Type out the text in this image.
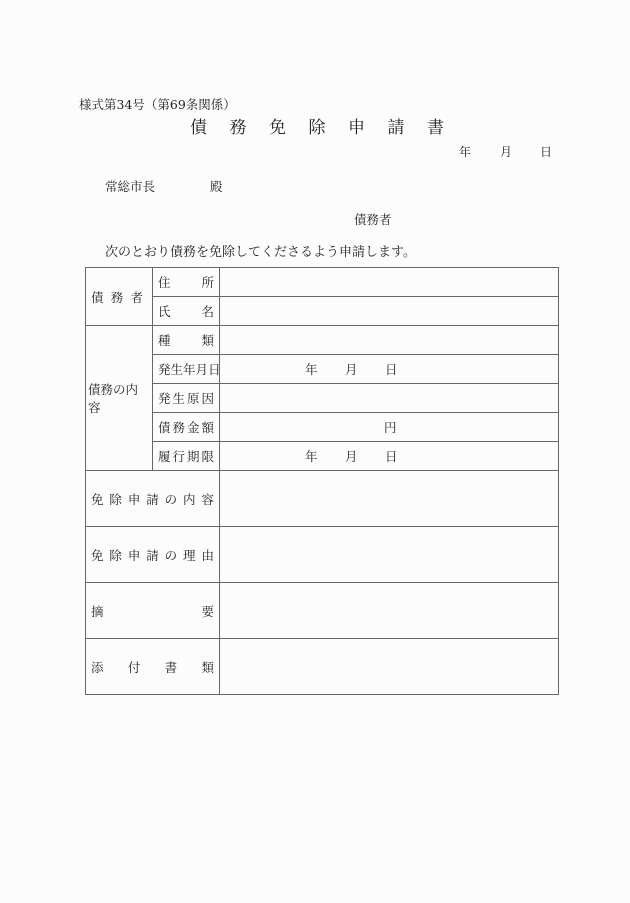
様式第34号（第69条関係）
債 務 免 除 申 請 書
年 月 日
常総市長	殿
債務者
次のとおり債務を免除してくださるよう申請します。
債 務 者	住 所	

	氏 名	

債務の内容	種 類	

	発 生 年 月 日	年 月 日

	発 生 原 因	

	債 務 金 額	円

	履 行 期 限	年 月 日

免 除 申 請 の 内 容

免 除 申 請 の 理 由

摘 要		

添 付 書 類		
